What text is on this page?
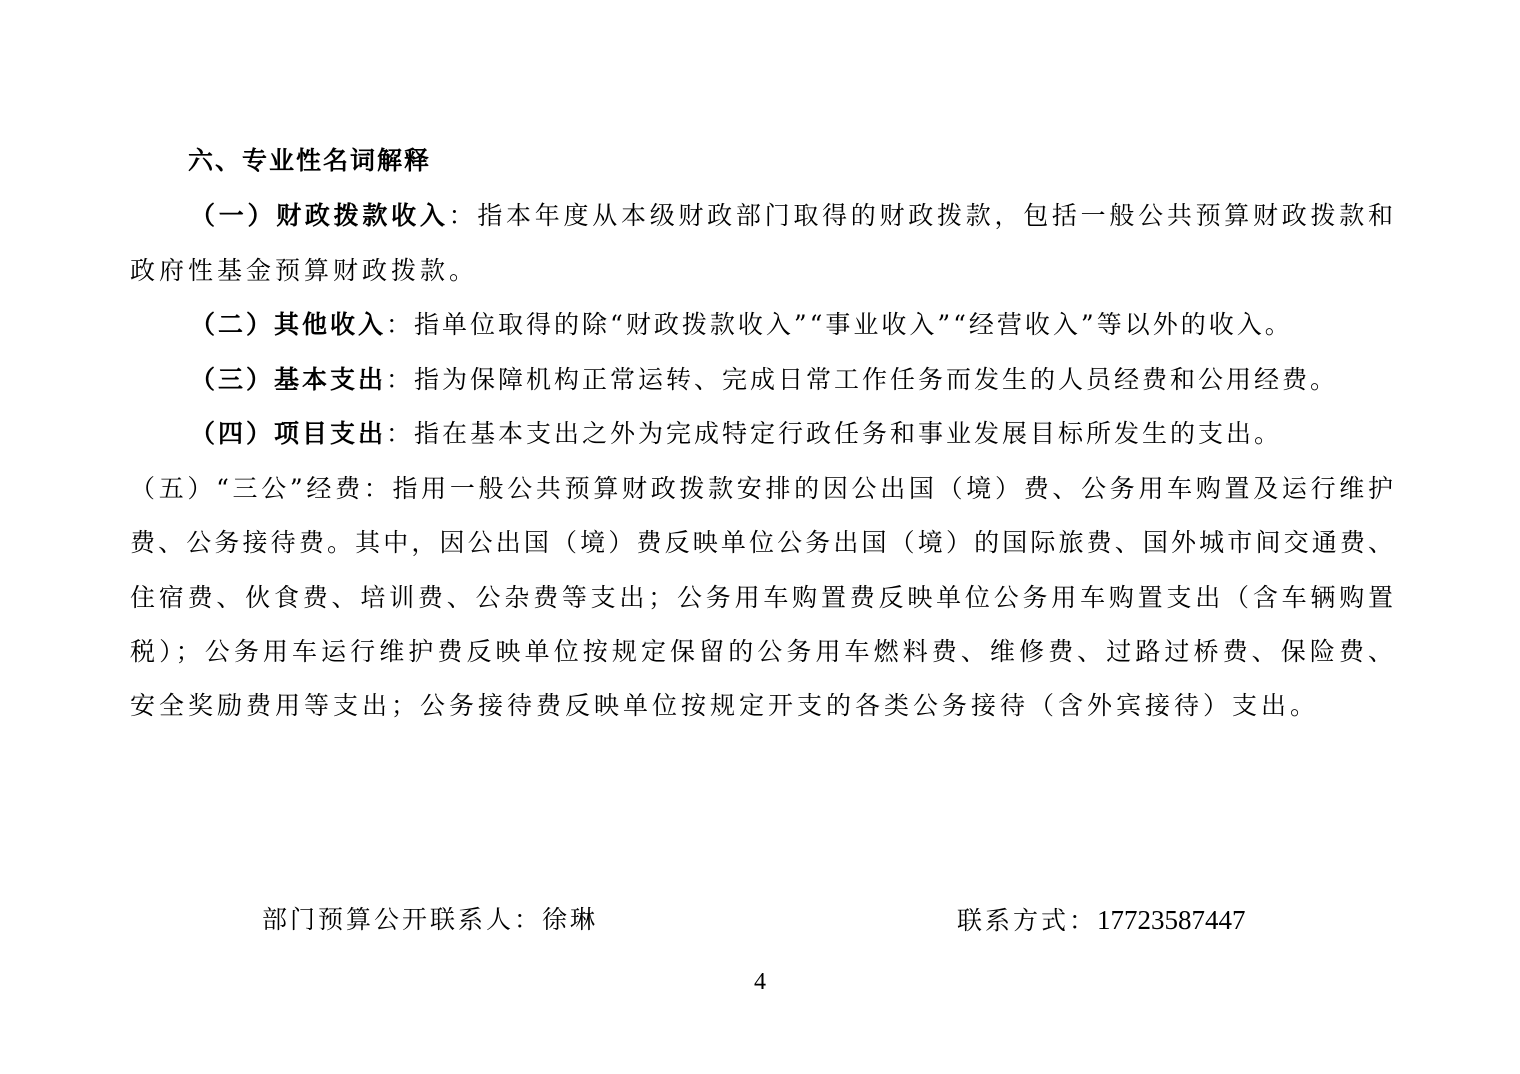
六、专业性名词解释
（一）财政拨款收入：指本年度从本级财政部门取得的财政拨款，包括一般公共预算财政拨款和
政府性基金预算财政拨款。
（二）其他收入：指单位取得的除“财政拨款收入”“事业收入”“经营收入”等以外的收入。
（三）基本支出：指为保障机构正常运转、完成日常工作任务而发生的人员经费和公用经费。
（四）项目支出：指在基本支出之外为完成特定行政任务和事业发展目标所发生的支出。
（五）“三公”经费：指用一般公共预算财政拨款安排的因公出国（境）费、公务用车购置及运行维护
费、公务接待费。其中，因公出国（境）费反映单位公务出国（境）的国际旅费、国外城市间交通费、
住宿费、伙食费、培训费、公杂费等支出；公务用车购置费反映单位公务用车购置支出（含车辆购置
税）；公务用车运行维护费反映单位按规定保留的公务用车燃料费、维修费、过路过桥费、保险费、
安全奖励费用等支出；公务接待费反映单位按规定开支的各类公务接待（含外宾接待）支出。
部门预算公开联系人：徐琳	联系方式：17723587447
4
